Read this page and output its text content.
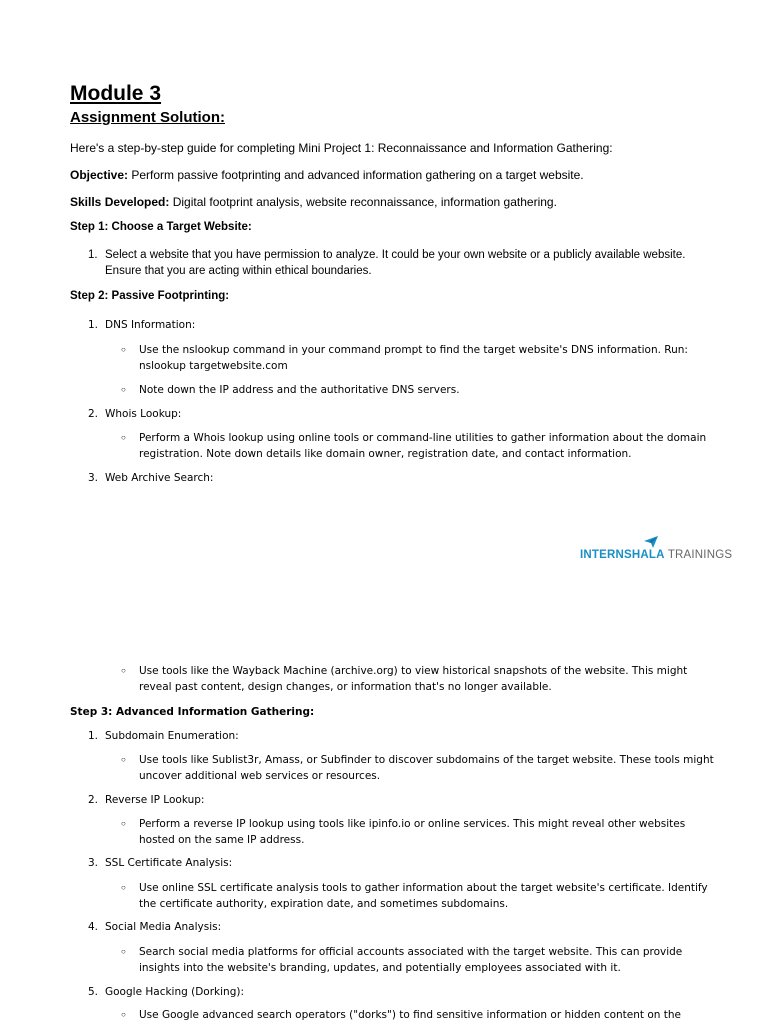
Module 3
Assignment Solution:

Here's a step-by-step guide for completing Mini Project 1: Reconnaissance and Information Gathering:

Objective: Perform passive footprinting and advanced information gathering on a target website.

Skills Developed: Digital footprint analysis, website reconnaissance, information gathering.

Step 1: Choose a Target Website:

1. Select a website that you have permission to analyze. It could be your own website or a publicly available website. Ensure that you are acting within ethical boundaries.

Step 2: Passive Footprinting:

1. DNS Information:

○ Use the nslookup command in your command prompt to find the target website's DNS information. Run: nslookup targetwebsite.com

○ Note down the IP address and the authoritative DNS servers.

2. Whois Lookup:

○ Perform a Whois lookup using online tools or command-line utilities to gather information about the domain registration. Note down details like domain owner, registration date, and contact information.

3. Web Archive Search:

INTERNSHALA TRAININGS
○ Use tools like the Wayback Machine (archive.org) to view historical snapshots of the website. This might reveal past content, design changes, or information that's no longer available.

Step 3: Advanced Information Gathering:

1. Subdomain Enumeration:

○ Use tools like Sublist3r, Amass, or Subfinder to discover subdomains of the target website. These tools might uncover additional web services or resources.

2. Reverse IP Lookup:

○ Perform a reverse IP lookup using tools like ipinfo.io or online services. This might reveal other websites hosted on the same IP address.

3. SSL Certificate Analysis:

○ Use online SSL certificate analysis tools to gather information about the target website's certificate. Identify the certificate authority, expiration date, and sometimes subdomains.

4. Social Media Analysis:

○ Search social media platforms for official accounts associated with the target website. This can provide insights into the website's branding, updates, and potentially employees associated with it.

5. Google Hacking (Dorking):

○ Use Google advanced search operators ("dorks") to find sensitive information or hidden content on the
